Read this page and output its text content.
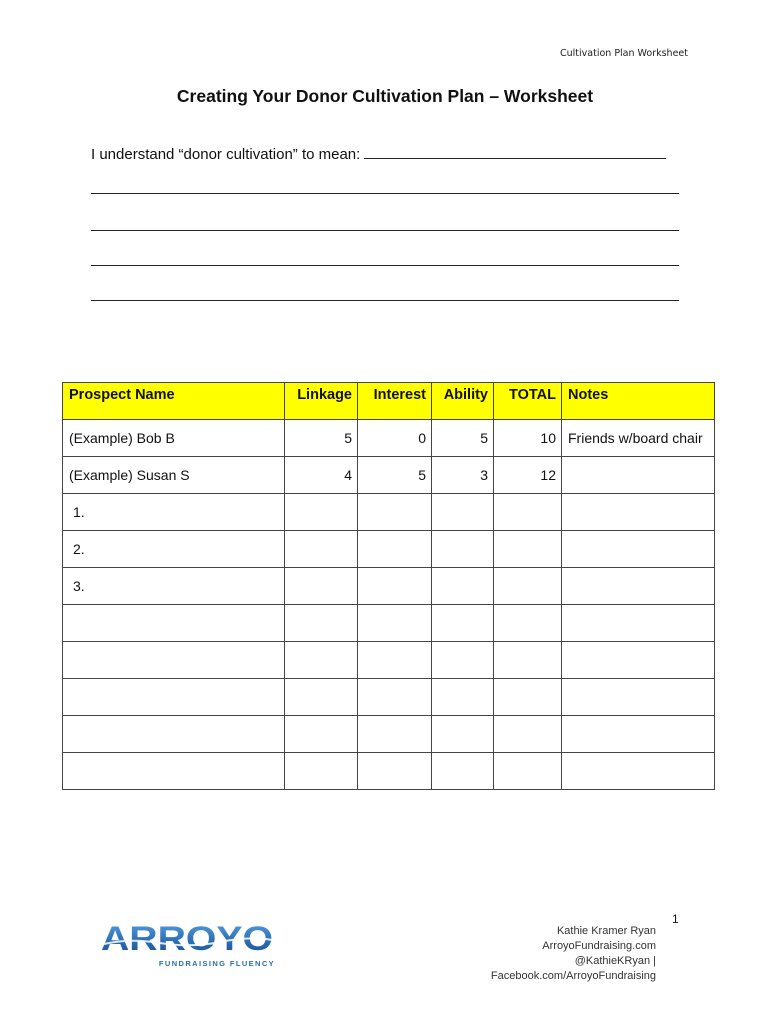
Cultivation Plan Worksheet
Creating Your Donor Cultivation Plan – Worksheet
I understand “donor cultivation” to mean:
Prospect Name	Linkage	Interest	Ability	TOTAL	Notes
(Example) Bob B	5	0	5	10	Friends w/board chair
(Example) Susan S	4	5	3	12	
1.					
2.					
3.					

1
ARROYO
FUNDRAISING FLUENCY
Kathie Kramer Ryan
ArroyoFundraising.com
@KathieKRyan | Facebook.com/ArroyoFundraising
